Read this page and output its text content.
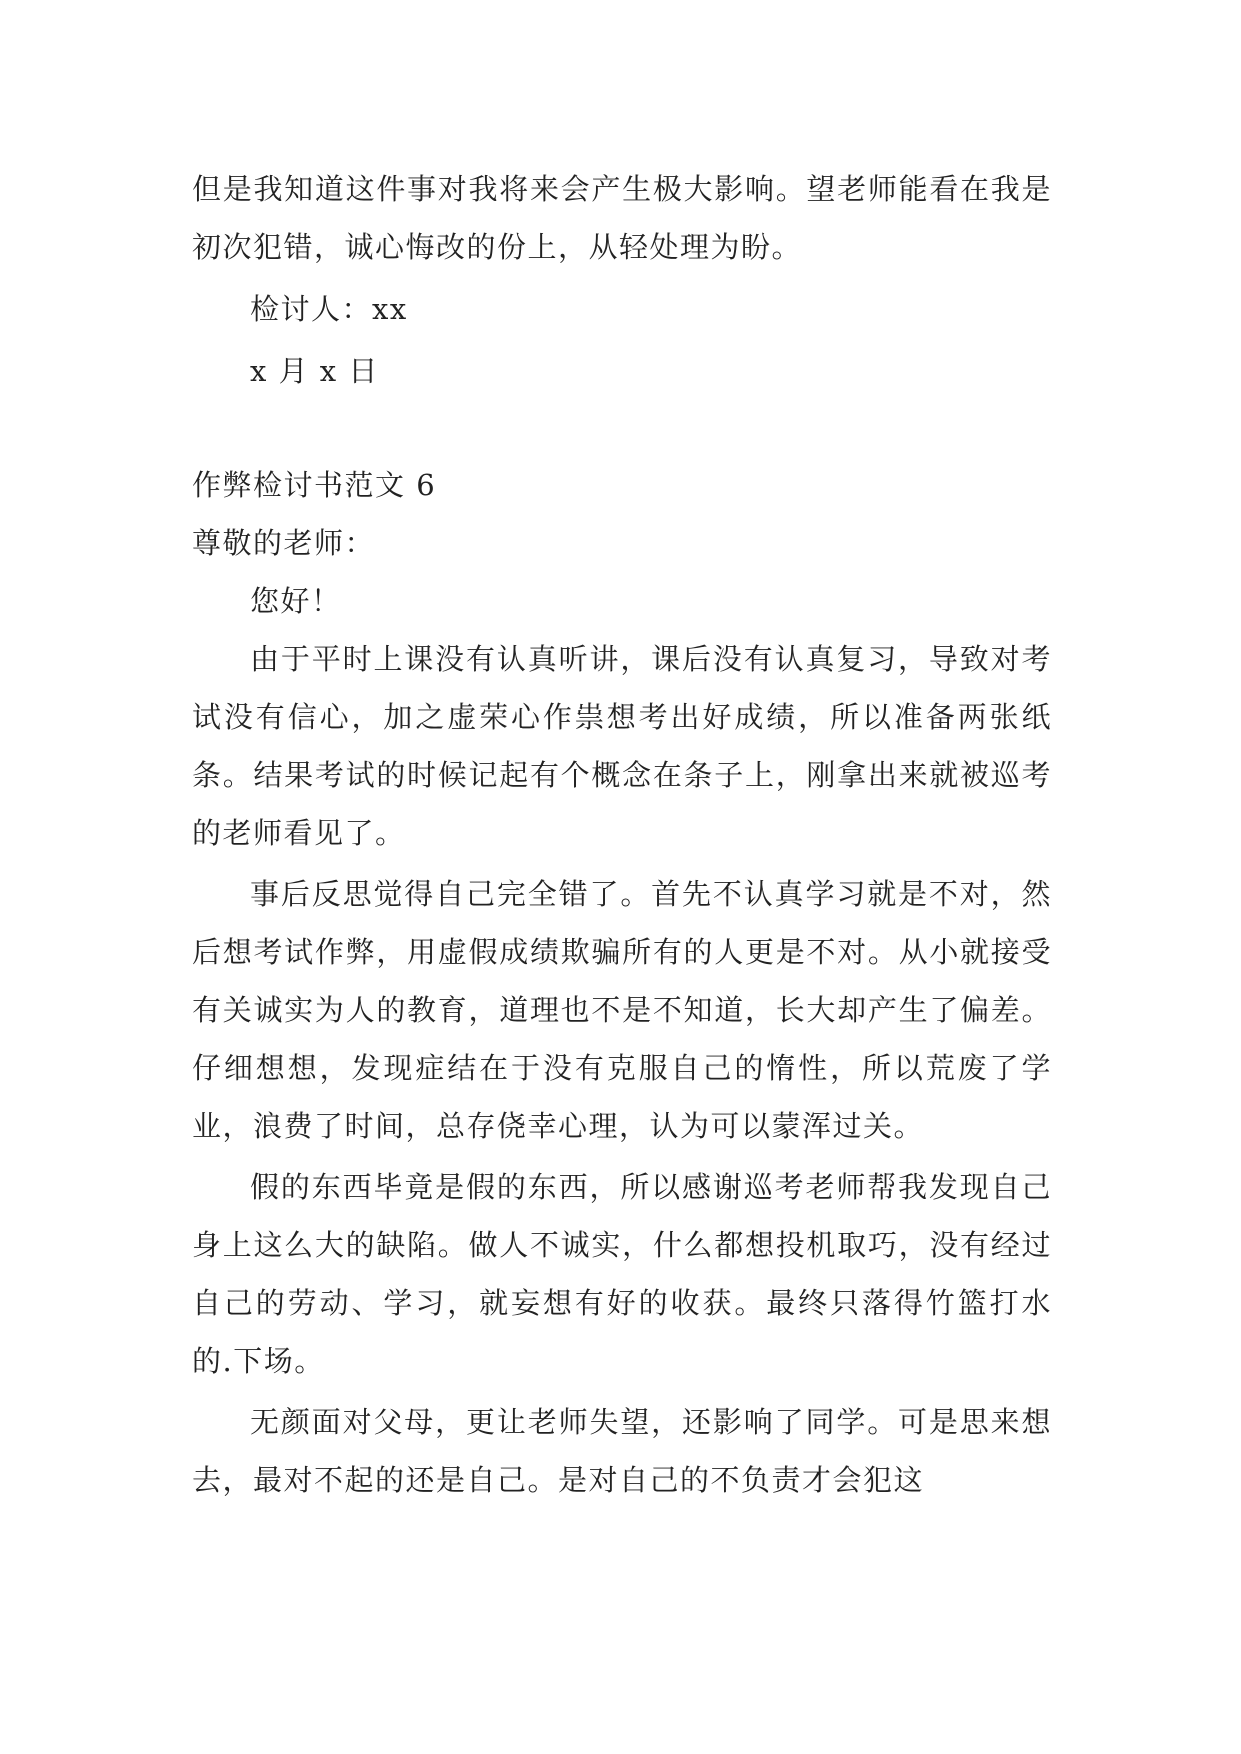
但是我知道这件事对我将来会产生极大影响。望老师能看在我是初次犯错，诚心悔改的份上，从轻处理为盼。

检讨人：xx

x 月 x 日

作弊检讨书范文 6

尊敬的老师：

您好！

由于平时上课没有认真听讲，课后没有认真复习，导致对考试没有信心，加之虚荣心作祟想考出好成绩，所以准备两张纸条。结果考试的时候记起有个概念在条子上，刚拿出来就被巡考的老师看见了。

事后反思觉得自己完全错了。首先不认真学习就是不对，然后想考试作弊，用虚假成绩欺骗所有的人更是不对。从小就接受有关诚实为人的教育，道理也不是不知道，长大却产生了偏差。仔细想想，发现症结在于没有克服自己的惰性，所以荒废了学业，浪费了时间，总存侥幸心理，认为可以蒙浑过关。

假的东西毕竟是假的东西，所以感谢巡考老师帮我发现自己身上这么大的缺陷。做人不诚实，什么都想投机取巧，没有经过自己的劳动、学习，就妄想有好的收获。最终只落得竹篮打水的.下场。

无颜面对父母，更让老师失望，还影响了同学。可是思来想去，最对不起的还是自己。是对自己的不负责才会犯这
